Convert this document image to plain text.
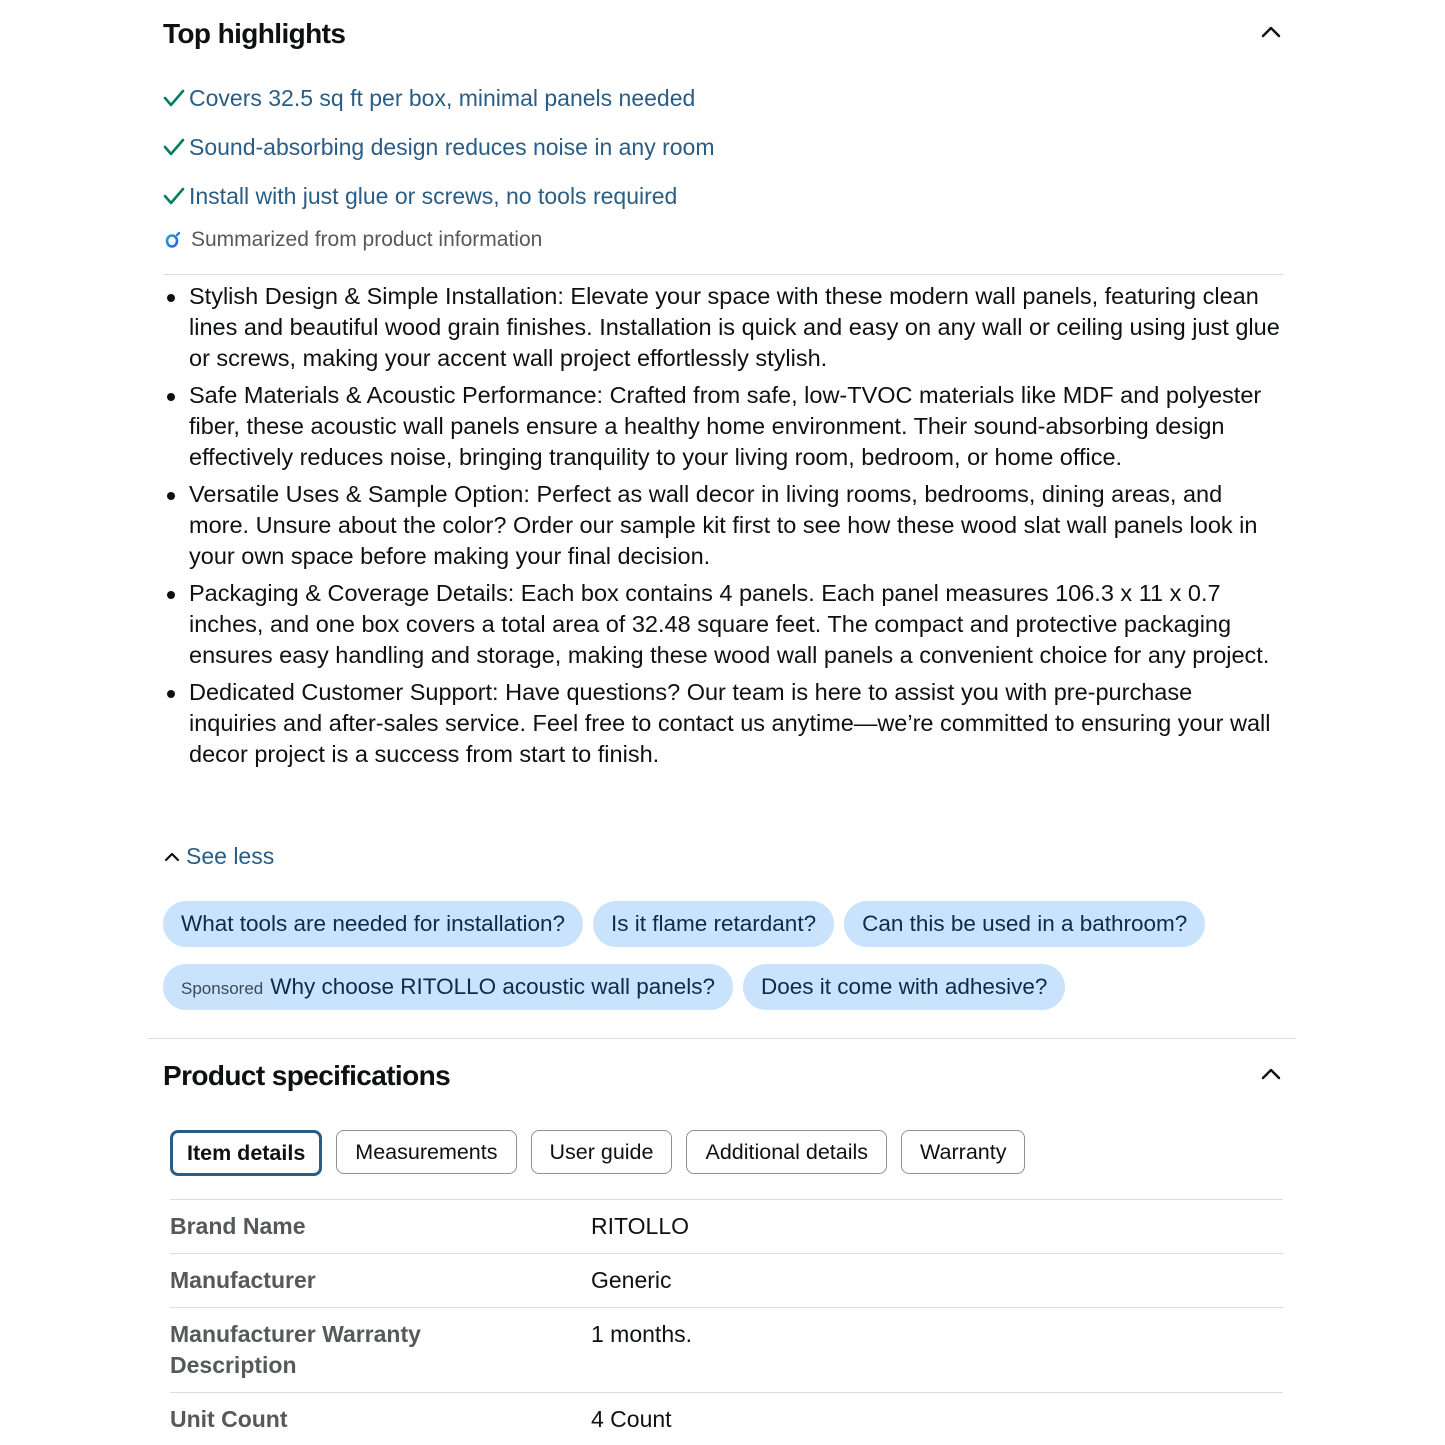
Top highlights
Covers 32.5 sq ft per box, minimal panels needed
Sound-absorbing design reduces noise in any room
Install with just glue or screws, no tools required
Summarized from product information
Stylish Design & Simple Installation: Elevate your space with these modern wall panels, featuring clean lines and beautiful wood grain finishes. Installation is quick and easy on any wall or ceiling using just glue or screws, making your accent wall project effortlessly stylish.
Safe Materials & Acoustic Performance: Crafted from safe, low-TVOC materials like MDF and polyester fiber, these acoustic wall panels ensure a healthy home environment. Their sound-absorbing design effectively reduces noise, bringing tranquility to your living room, bedroom, or home office.
Versatile Uses & Sample Option: Perfect as wall decor in living rooms, bedrooms, dining areas, and more. Unsure about the color? Order our sample kit first to see how these wood slat wall panels look in your own space before making your final decision.
Packaging & Coverage Details: Each box contains 4 panels. Each panel measures 106.3 x 11 x 0.7 inches, and one box covers a total area of 32.48 square feet. The compact and protective packaging ensures easy handling and storage, making these wood wall panels a convenient choice for any project.
Dedicated Customer Support: Have questions? Our team is here to assist you with pre-purchase inquiries and after-sales service. Feel free to contact us anytime—we’re committed to ensuring your wall decor project is a success from start to finish.
See less
What tools are needed for installation? Is it flame retardant? Can this be used in a bathroom?
Sponsored Why choose RITOLLO acoustic wall panels? Does it come with adhesive?
Product specifications
Item details	Measurements	User guide	Additional details	Warranty
Brand Name	RITOLLO
Manufacturer	Generic

Manufacturer Warranty Description	1 months.
Unit Count	4 Count
